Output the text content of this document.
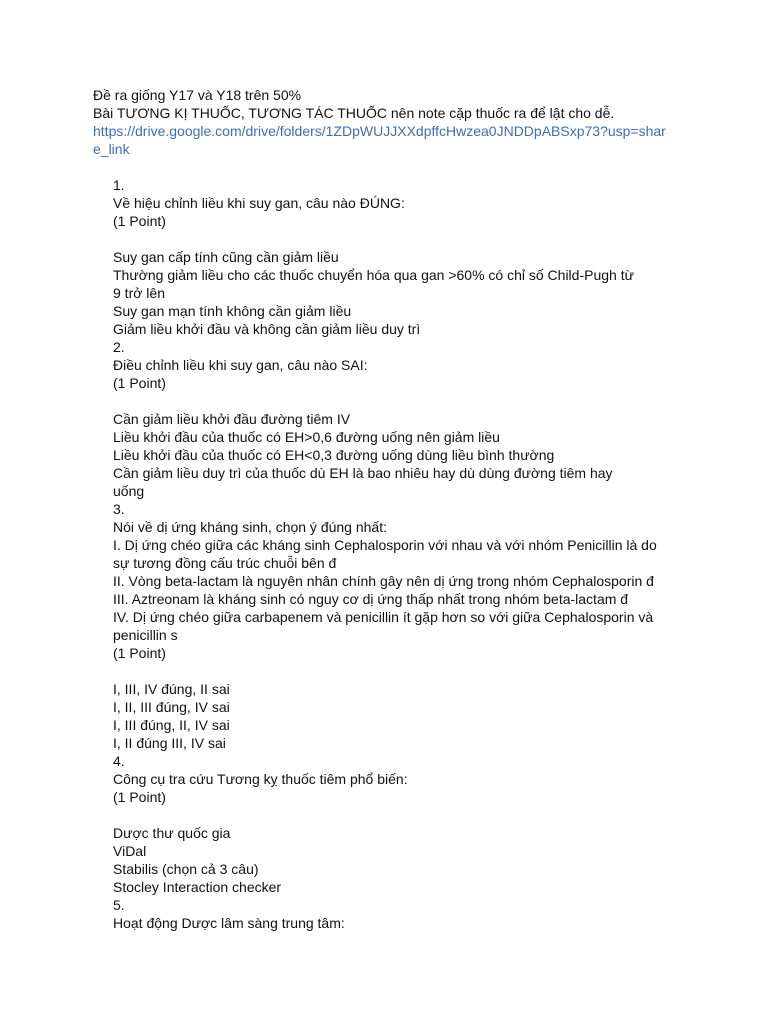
Đề ra giống Y17 và Y18 trên 50%
Bài TƯƠNG KỊ THUỐC, TƯƠNG TÁC THUỐC nên note cặp thuốc ra để lật cho dễ.
https://drive.google.com/drive/folders/1ZDpWUJJXXdpffcHwzea0JNDDpABSxp73?usp=shar
e_link
1.
Về hiệu chỉnh liều khi suy gan, câu nào ĐÚNG:
(1 Point)
Suy gan cấp tính cũng cần giảm liều
Thường giảm liều cho các thuốc chuyển hóa qua gan >60% có chỉ số Child-Pugh từ
9 trở lên
Suy gan mạn tính không cần giảm liều
Giảm liều khởi đầu và không cần giảm liều duy trì
2.
Điều chỉnh liều khi suy gan, câu nào SAI:
(1 Point)
Cần giảm liều khởi đầu đường tiêm IV
Liều khởi đầu của thuốc có EH>0,6 đường uống nên giảm liều
Liều khởi đầu của thuốc có EH<0,3 đường uống dùng liều bình thường
Cần giảm liều duy trì của thuốc dù EH là bao nhiêu hay dù dùng đường tiêm hay
uống
3.
Nói về dị ứng kháng sinh, chọn ý đúng nhất:
I. Dị ứng chéo giữa các kháng sinh Cephalosporin với nhau và với nhóm Penicillin là do
sự tương đồng cấu trúc chuỗi bên đ
II. Vòng beta-lactam là nguyên nhân chính gây nên dị ứng trong nhóm Cephalosporin đ
III. Aztreonam là kháng sinh có nguy cơ dị ứng thấp nhất trong nhóm beta-lactam đ
IV. Dị ứng chéo giữa carbapenem và penicillin ít gặp hơn so với giữa Cephalosporin và
penicillin s
(1 Point)
I, III, IV đúng, II sai
I, II, III đúng, IV sai
I, III đúng, II, IV sai
I, II đúng III, IV sai
4.
Công cụ tra cứu Tương kỵ thuốc tiêm phổ biến:
(1 Point)
Dược thư quốc gia
ViDal
Stabilis (chọn cả 3 câu)
Stocley Interaction checker
5.
Hoạt động Dược lâm sàng trung tâm:
